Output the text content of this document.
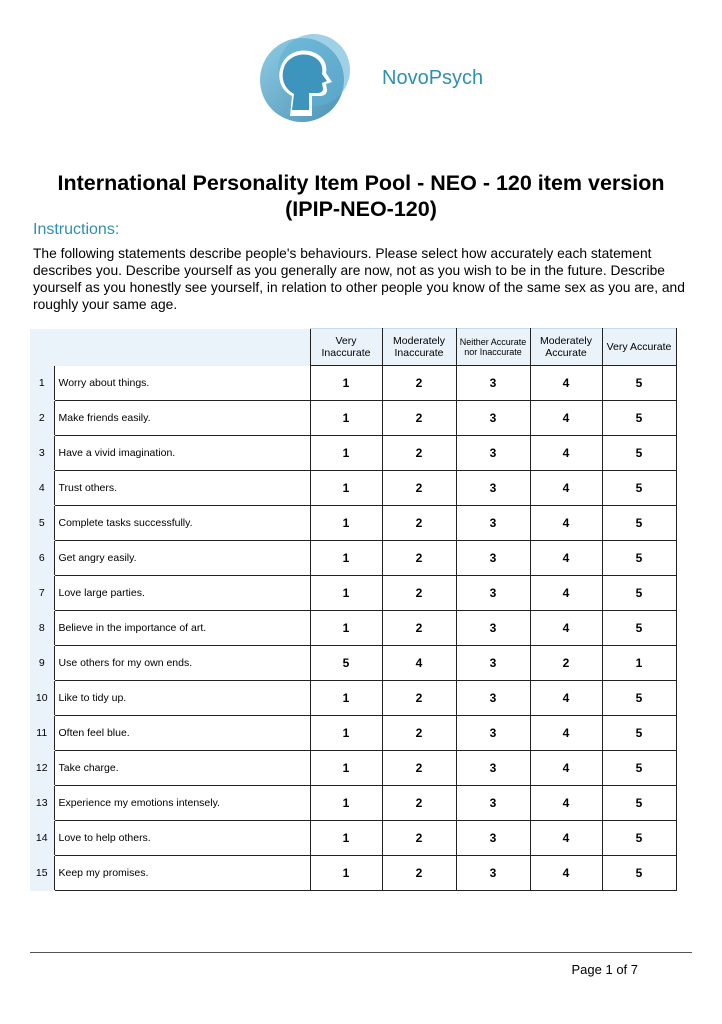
NovoPsych
International Personality Item Pool - NEO - 120 item version
(IPIP-NEO-120)
Instructions:
The following statements describe people's behaviours. Please select how accurately each statement describes you. Describe yourself as you generally are now, not as you wish to be in the future. Describe yourself as you honestly see yourself, in relation to other people you know of the same sex as you are, and roughly your same age.
		Very Inaccurate	Moderately Inaccurate	Neither Accurate nor Inaccurate	Moderately Accurate	Very Accurate
1	Worry about things.	1	2	3	4	5
2	Make friends easily.	1	2	3	4	5
3	Have a vivid imagination.	1	2	3	4	5
4	Trust others.	1	2	3	4	5
5	Complete tasks successfully.	1	2	3	4	5
6	Get angry easily.	1	2	3	4	5
7	Love large parties.	1	2	3	4	5
8	Believe in the importance of art.	1	2	3	4	5
9	Use others for my own ends.	5	4	3	2	1
10	Like to tidy up.	1	2	3	4	5
11	Often feel blue.	1	2	3	4	5
12	Take charge.	1	2	3	4	5
13	Experience my emotions intensely.	1	2	3	4	5
14	Love to help others.	1	2	3	4	5
15	Keep my promises.	1	2	3	4	5
Page 1 of 7
